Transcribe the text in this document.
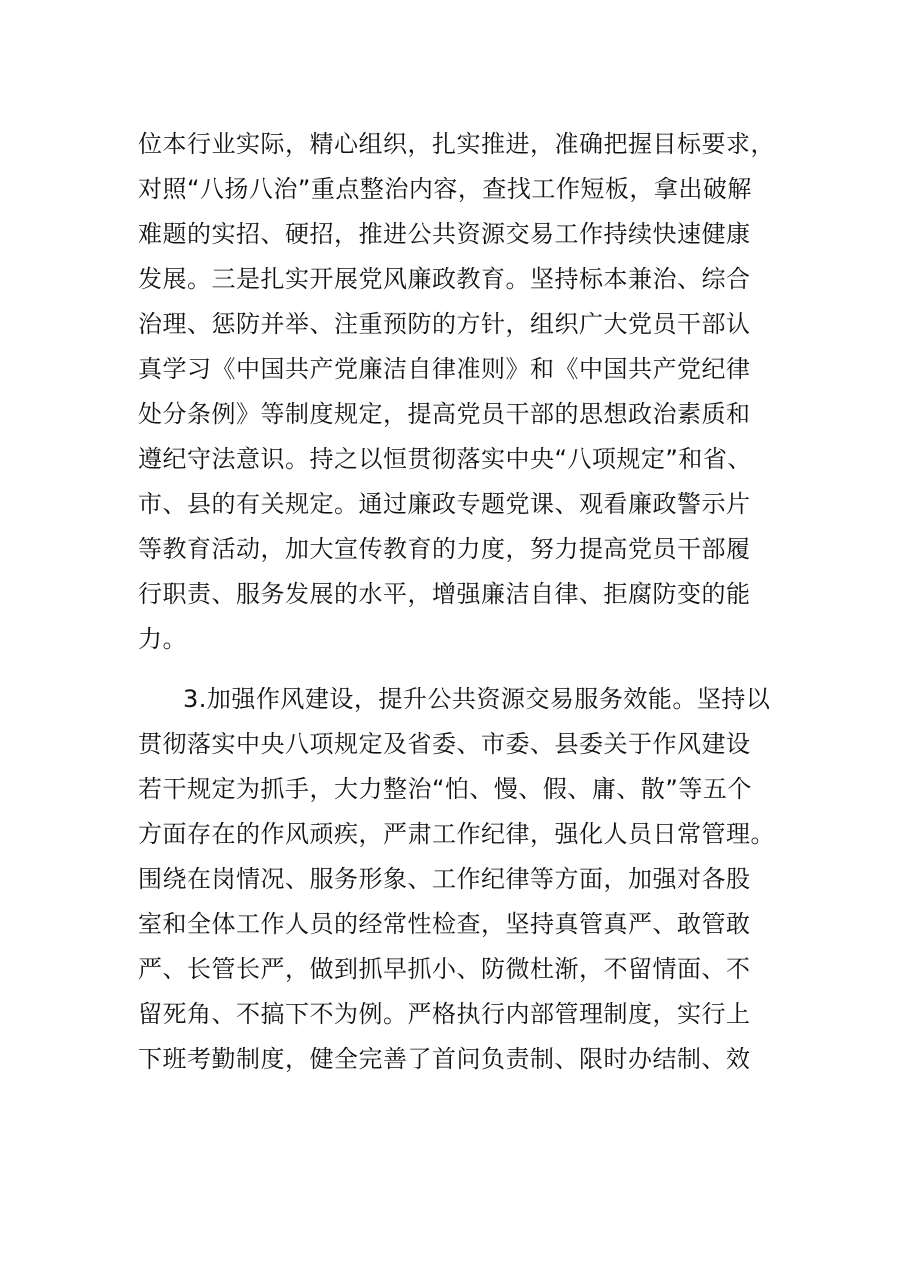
位本行业实际，精心组织，扎实推进，准确把握目标要求，
对照“八扬八治”重点整治内容，查找工作短板，拿出破解
难题的实招、硬招，推进公共资源交易工作持续快速健康
发展。三是扎实开展党风廉政教育。坚持标本兼治、综合
治理、惩防并举、注重预防的方针，组织广大党员干部认
真学习《中国共产党廉洁自律准则》和《中国共产党纪律
处分条例》等制度规定，提高党员干部的思想政治素质和
遵纪守法意识。持之以恒贯彻落实中央“八项规定”和省、
市、县的有关规定。通过廉政专题党课、观看廉政警示片
等教育活动，加大宣传教育的力度，努力提高党员干部履
行职责、服务发展的水平，增强廉洁自律、拒腐防变的能
力。
3.加强作风建设，提升公共资源交易服务效能。坚持以
贯彻落实中央八项规定及省委、市委、县委关于作风建设
若干规定为抓手，大力整治“怕、慢、假、庸、散”等五个
方面存在的作风顽疾，严肃工作纪律，强化人员日常管理。
围绕在岗情况、服务形象、工作纪律等方面，加强对各股
室和全体工作人员的经常性检查，坚持真管真严、敢管敢
严、长管长严，做到抓早抓小、防微杜渐，不留情面、不
留死角、不搞下不为例。严格执行内部管理制度，实行上
下班考勤制度，健全完善了首问负责制、限时办结制、效
